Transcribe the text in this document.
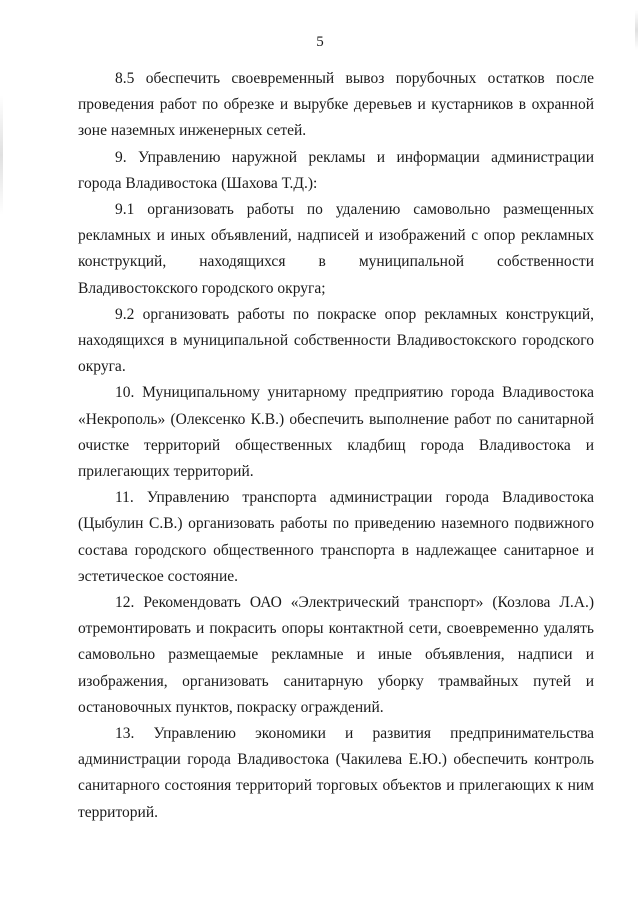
5

8.5 обеспечить своевременный вывоз порубочных остатков после проведения работ по обрезке и вырубке деревьев и кустарников в охранной зоне наземных инженерных сетей.

9. Управлению наружной рекламы и информации администрации города Владивостока (Шахова Т.Д.):

9.1 организовать работы по удалению самовольно размещенных рекламных и иных объявлений, надписей и изображений с опор рекламных конструкций, находящихся в муниципальной собственности Владивостокского городского округа;

9.2 организовать работы по покраске опор рекламных конструкций, находящихся в муниципальной собственности Владивостокского городского округа.

10. Муниципальному унитарному предприятию города Владивостока «Некрополь» (Олексенко К.В.) обеспечить выполнение работ по санитарной очистке территорий общественных кладбищ города Владивостока и прилегающих территорий.

11. Управлению транспорта администрации города Владивостока (Цыбулин С.В.) организовать работы по приведению наземного подвижного состава городского общественного транспорта в надлежащее санитарное и эстетическое состояние.

12. Рекомендовать ОАО «Электрический транспорт» (Козлова Л.А.) отремонтировать и покрасить опоры контактной сети, своевременно удалять самовольно размещаемые рекламные и иные объявления, надписи и изображения, организовать санитарную уборку трамвайных путей и остановочных пунктов, покраску ограждений.

13. Управлению экономики и развития предпринимательства администрации города Владивостока (Чакилева Е.Ю.) обеспечить контроль санитарного состояния территорий торговых объектов и прилегающих к ним территорий.
